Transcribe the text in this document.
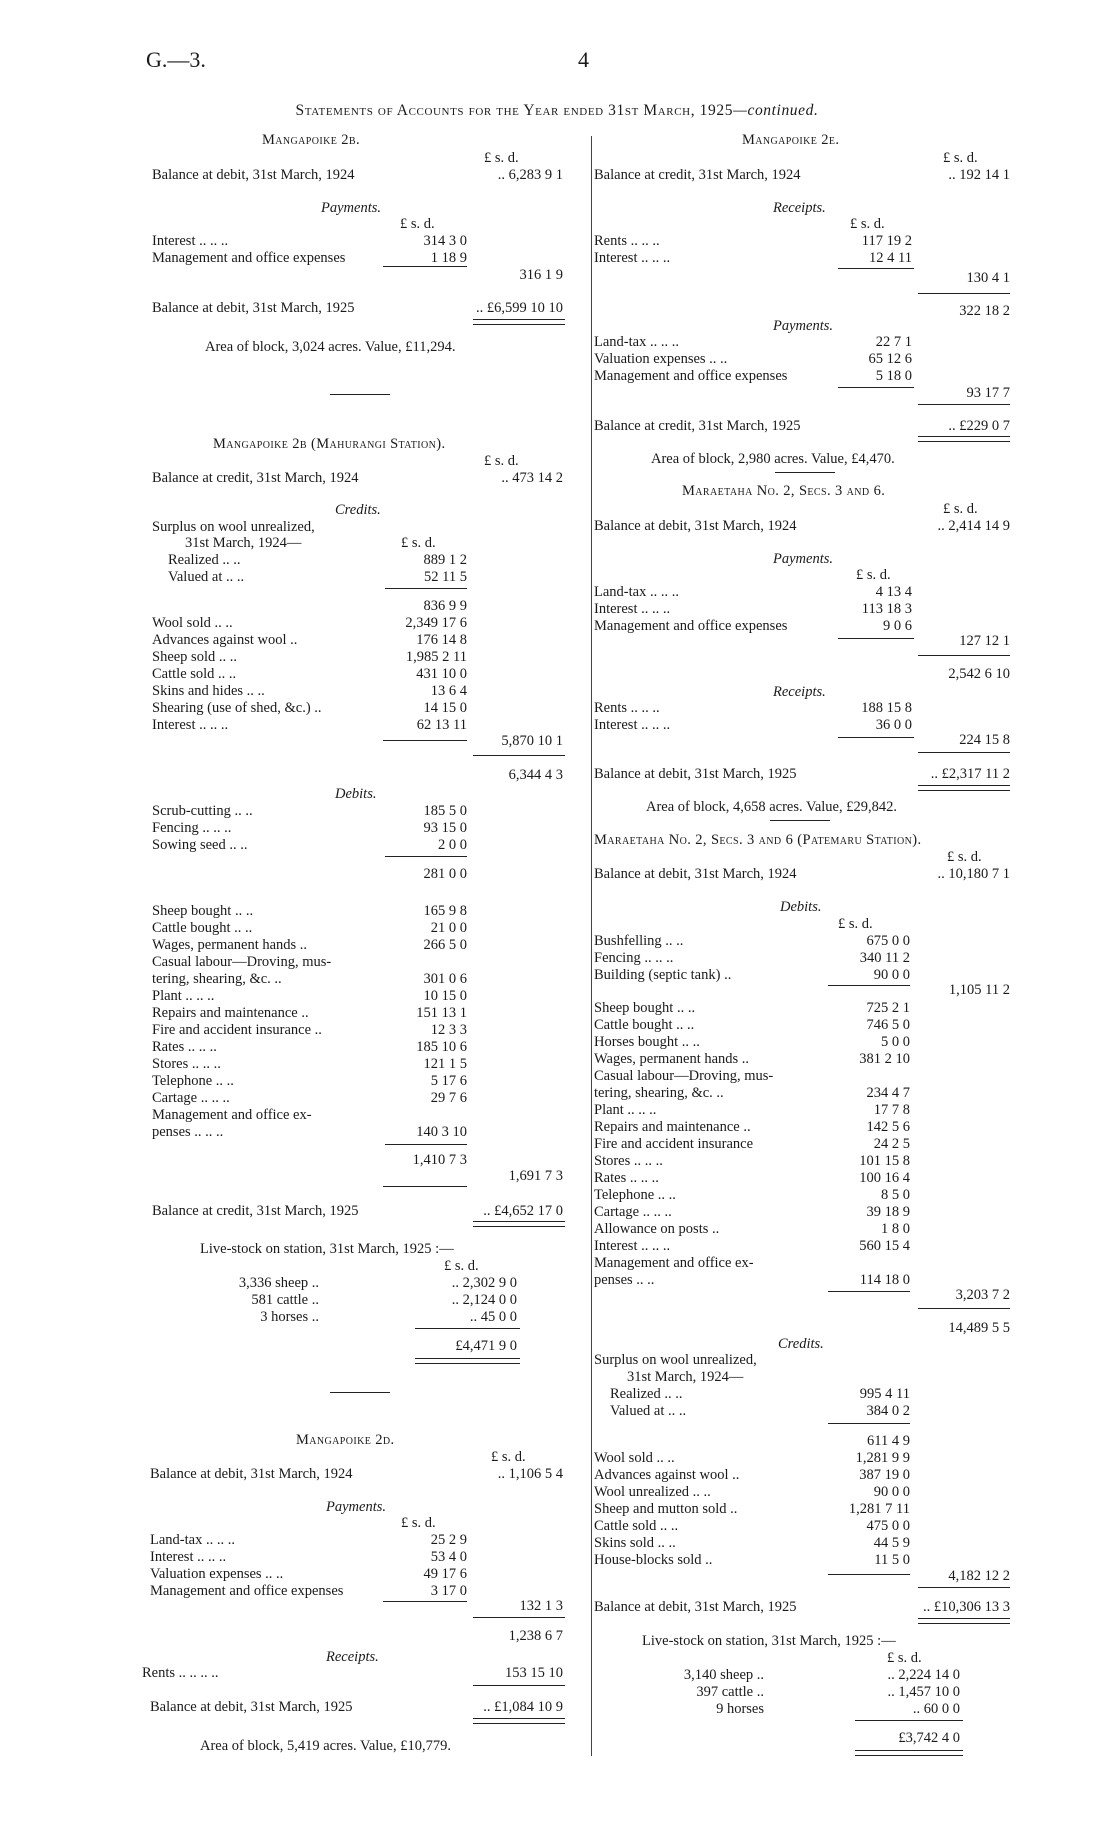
G.—3.	4
Statements of Accounts for the Year ended 31st March, 1925—continued.
Mangapoike 2b.
£ s. d.
Balance at debit, 31st March, 1924	.. 6,283 9 1
Payments.
£ s. d.
Interest .. .. ..	314 3 0
Management and office expenses	1 18 9
316 1 9
Balance at debit, 31st March, 1925	.. £6,599 10 10
Area of block, 3,024 acres. Value, £11,294.
Mangapoike 2b (Mahurangi Station).
£ s. d.
Balance at credit, 31st March, 1924	.. 473 14 2
Credits.
Surplus on wool unrealized,
31st March, 1924—	£ s. d.
Realized .. ..	889 1 2
Valued at .. ..	52 11 5
836 9 9
Wool sold .. ..	2,349 17 6
Advances against wool ..	176 14 8
Sheep sold .. ..	1,985 2 11
Cattle sold .. ..	431 10 0
Skins and hides .. ..	13 6 4
Shearing (use of shed, &c.) ..	14 15 0
Interest .. .. ..	62 13 11
5,870 10 1
6,344 4 3
Debits.
Scrub-cutting .. ..	185 5 0
Fencing .. .. ..	93 15 0
Sowing seed .. ..	2 0 0
281 0 0
Sheep bought .. ..	165 9 8
Cattle bought .. ..	21 0 0
Wages, permanent hands ..	266 5 0
Casual labour—Droving, mus-
tering, shearing, &c. ..	301 0 6
Plant .. .. ..	10 15 0
Repairs and maintenance ..	151 13 1
Fire and accident insurance ..	12 3 3
Rates .. .. ..	185 10 6
Stores .. .. ..	121 1 5
Telephone .. ..	5 17 6
Cartage .. .. ..	29 7 6
Management and office ex-
penses .. .. ..	140 3 10
1,410 7 3
1,691 7 3
Balance at credit, 31st March, 1925	.. £4,652 17 0
Live-stock on station, 31st March, 1925 :—
£ s. d.
3,336 sheep ..	.. 2,302 9 0
581 cattle ..	.. 2,124 0 0
3 horses ..	.. 45 0 0
£4,471 9 0
Mangapoike 2d.
£ s. d.
Balance at debit, 31st March, 1924	.. 1,106 5 4
Payments.
£ s. d.
Land-tax .. .. ..	25 2 9
Interest .. .. ..	53 4 0
Valuation expenses .. ..	49 17 6
Management and office expenses	3 17 0
132 1 3
1,238 6 7
Receipts.
Rents .. .. .. ..	153 15 10
Balance at debit, 31st March, 1925	.. £1,084 10 9
Area of block, 5,419 acres. Value, £10,779.
Mangapoike 2e.
£ s. d.
Balance at credit, 31st March, 1924	.. 192 14 1
Receipts.
£ s. d.
Rents .. .. ..	117 19 2
Interest .. .. ..	12 4 11
130 4 1
322 18 2
Payments.
Land-tax .. .. ..	22 7 1
Valuation expenses .. ..	65 12 6
Management and office expenses	5 18 0
93 17 7
Balance at credit, 31st March, 1925	.. £229 0 7
Area of block, 2,980 acres. Value, £4,470.
Maraetaha No. 2, Secs. 3 and 6.
£ s. d.
Balance at debit, 31st March, 1924	.. 2,414 14 9
Payments.
£ s. d.
Land-tax .. .. ..	4 13 4
Interest .. .. ..	113 18 3
Management and office expenses	9 0 6
127 12 1
2,542 6 10
Receipts.
Rents .. .. ..	188 15 8
Interest .. .. ..	36 0 0
224 15 8
Balance at debit, 31st March, 1925	.. £2,317 11 2
Area of block, 4,658 acres. Value, £29,842.
Maraetaha No. 2, Secs. 3 and 6 (Patemaru Station).
£ s. d.
Balance at debit, 31st March, 1924	.. 10,180 7 1
Debits.
£ s. d.
Bushfelling .. ..	675 0 0
Fencing .. .. ..	340 11 2
Building (septic tank) ..	90 0 0
1,105 11 2
Sheep bought .. ..	725 2 1
Cattle bought .. ..	746 5 0
Horses bought .. ..	5 0 0
Wages, permanent hands ..	381 2 10
Casual labour—Droving, mus-
tering, shearing, &c. ..	234 4 7
Plant .. .. ..	17 7 8
Repairs and maintenance ..	142 5 6
Fire and accident insurance	24 2 5
Stores .. .. ..	101 15 8
Rates .. .. ..	100 16 4
Telephone .. ..	8 5 0
Cartage .. .. ..	39 18 9
Allowance on posts ..	1 8 0
Interest .. .. ..	560 15 4
Management and office ex-
penses .. ..	114 18 0
3,203 7 2
14,489 5 5
Credits.
Surplus on wool unrealized,
31st March, 1924—
Realized .. ..	995 4 11
Valued at .. ..	384 0 2
611 4 9
Wool sold .. ..	1,281 9 9
Advances against wool ..	387 19 0
Wool unrealized .. ..	90 0 0
Sheep and mutton sold ..	1,281 7 11
Cattle sold .. ..	475 0 0
Skins sold .. ..	44 5 9
House-blocks sold ..	11 5 0
4,182 12 2
Balance at debit, 31st March, 1925	.. £10,306 13 3
Live-stock on station, 31st March, 1925 :—
£ s. d.
3,140 sheep ..	.. 2,224 14 0
397 cattle ..	.. 1,457 10 0
9 horses	.. 60 0 0
£3,742 4 0
